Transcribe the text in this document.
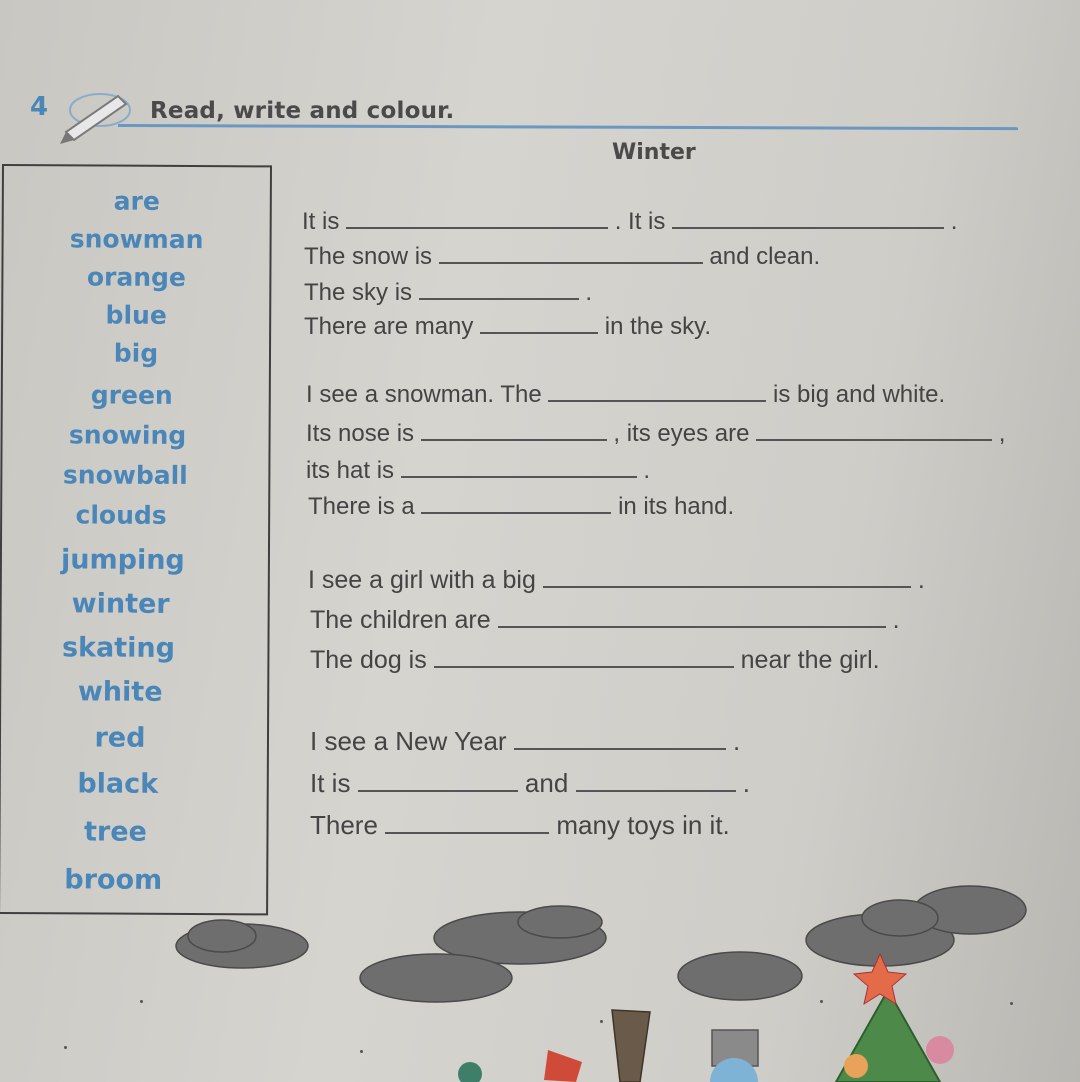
4	Read, write and colour.
Winter
are
snowman
orange
blue
big
green
snowing
snowball
clouds
jumping
winter
skating
white
red
black
tree
broom
It is	. It is	.
The snow is	and clean.
The sky is	.
There are many	in the sky.
I see a snowman. The	is big and white.
Its nose is	, its eyes are	,
its hat is	.
There is a	in its hand.
I see a girl with a big	.
The children are	.
The dog is	near the girl.
I see a New Year	.
It is	and	.
There	many toys in it.
